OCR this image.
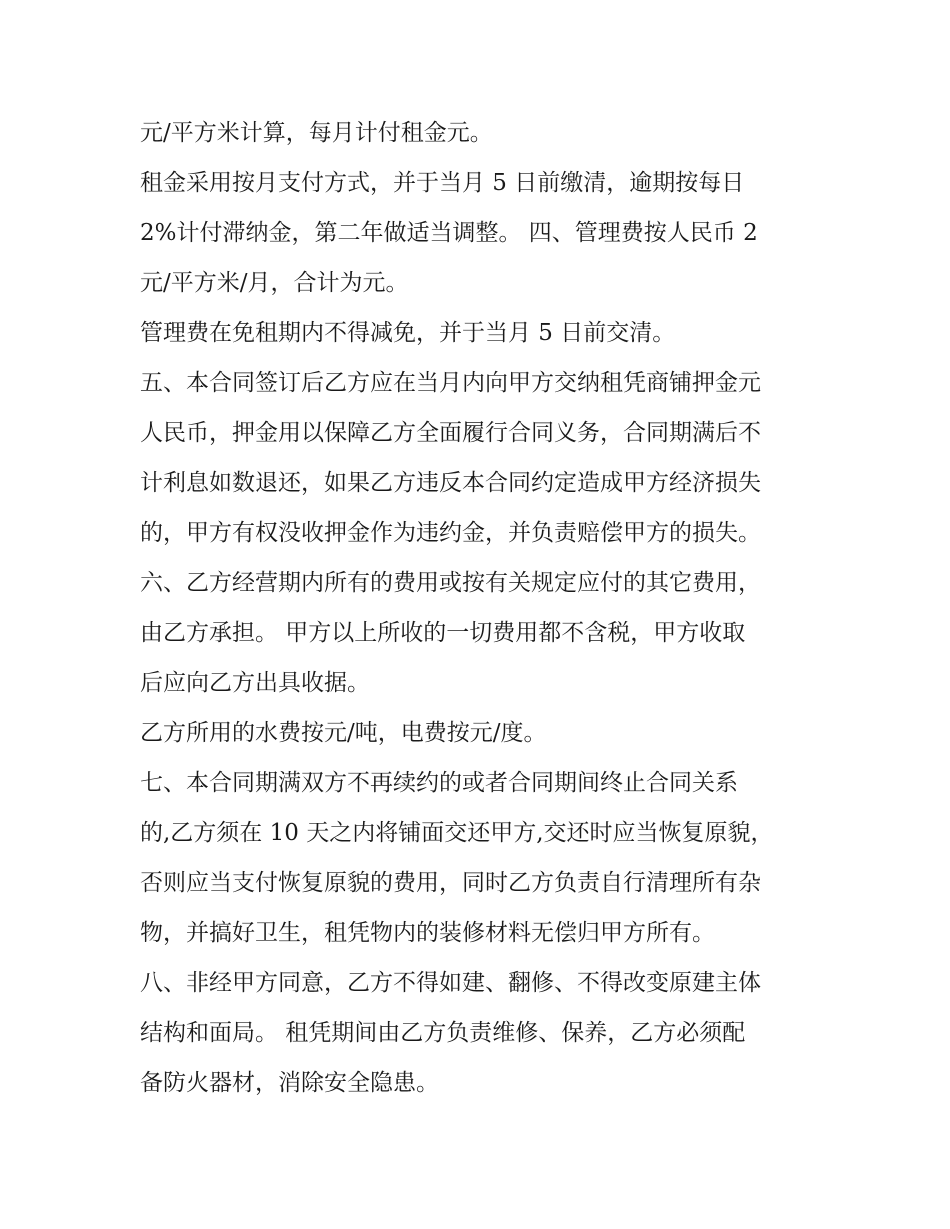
元/平方米计算，每月计付租金元。
租金采用按月支付方式，并于当月 5 日前缴清，逾期按每日
2%计付滞纳金，第二年做适当调整。 四、管理费按人民币 2
元/平方米/月，合计为元。
管理费在免租期内不得减免，并于当月 5 日前交清。
五、本合同签订后乙方应在当月内向甲方交纳租凭商铺押金元
人民币，押金用以保障乙方全面履行合同义务，合同期满后不
计利息如数退还，如果乙方违反本合同约定造成甲方经济损失
的，甲方有权没收押金作为违约金，并负责赔偿甲方的损失。
六、乙方经营期内所有的费用或按有关规定应付的其它费用，
由乙方承担。 甲方以上所收的一切费用都不含税，甲方收取
后应向乙方出具收据。
乙方所用的水费按元/吨，电费按元/度。
七、本合同期满双方不再续约的或者合同期间终止合同关系
的,乙方须在 10 天之内将铺面交还甲方,交还时应当恢复原貌，
否则应当支付恢复原貌的费用，同时乙方负责自行清理所有杂
物，并搞好卫生，租凭物内的装修材料无偿归甲方所有。
八、非经甲方同意，乙方不得如建、翻修、不得改变原建主体
结构和面局。 租凭期间由乙方负责维修、保养，乙方必须配
备防火器材，消除安全隐患。
